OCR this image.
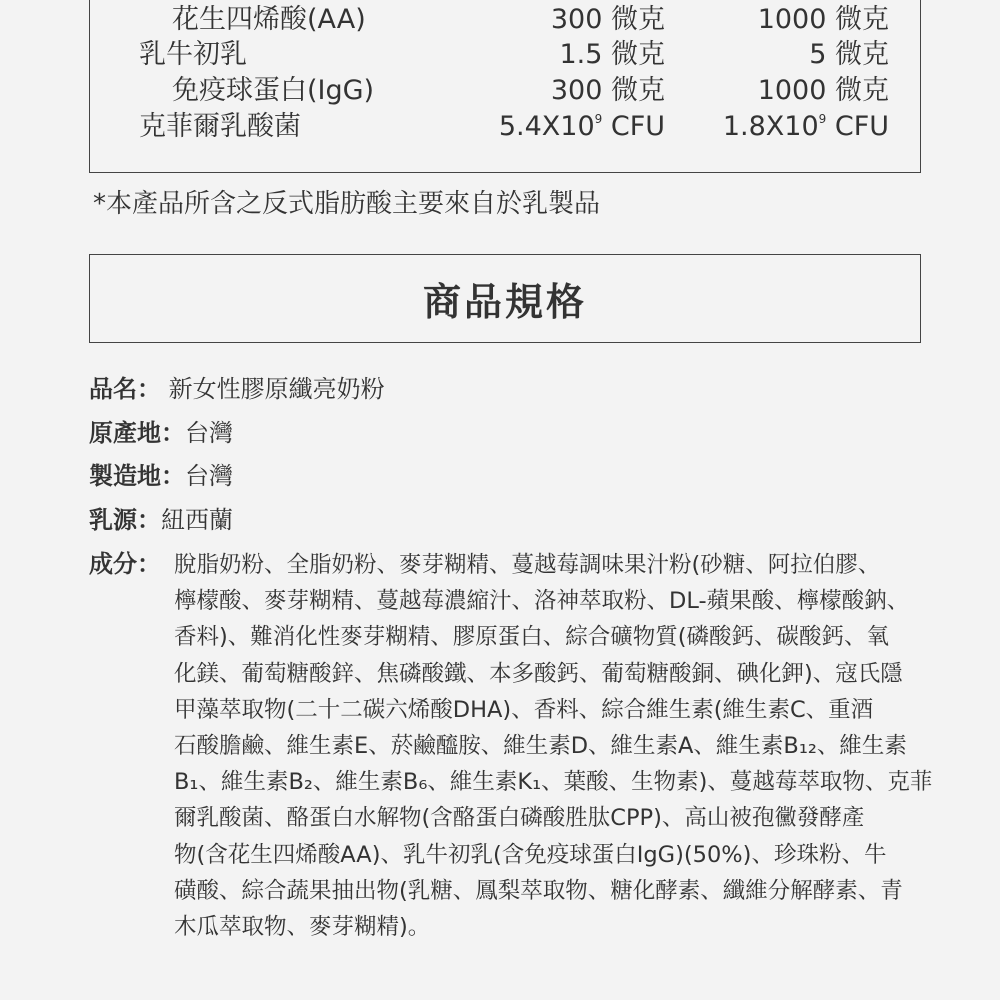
花生四烯酸(AA)	300 微克	1000 微克
乳牛初乳	1.5 微克	5 微克
免疫球蛋白(IgG)	300 微克	1000 微克
克菲爾乳酸菌	$5.4X10^9$ CFU $1.8X10^9$ CFU
*本產品所含之反式脂肪酸主要來自於乳製品
商品規格
品名： 新女性膠原纖亮奶粉
原產地：台灣
製造地：台灣
乳源：紐西蘭
成分： 脫脂奶粉、全脂奶粉、麥芽糊精、蔓越莓調味果汁粉(砂糖、阿拉伯膠、
檸檬酸、麥芽糊精、蔓越莓濃縮汁、洛神萃取粉、DL-蘋果酸、檸檬酸鈉、
香料)、難消化性麥芽糊精、膠原蛋白、綜合礦物質(磷酸鈣、碳酸鈣、氧
化鎂、葡萄糖酸鋅、焦磷酸鐵、本多酸鈣、葡萄糖酸銅、碘化鉀)、寇氏隱
甲藻萃取物(二十二碳六烯酸DHA)、香料、綜合維生素(維生素C、重酒
石酸膽鹼、維生素E、菸鹼醯胺、維生素D、維生素A、維生素B₁₂、維生素
B₁、維生素B₂、維生素B₆、維生素K₁、葉酸、生物素)、蔓越莓萃取物、克菲
爾乳酸菌、酪蛋白水解物(含酪蛋白磷酸胜肽CPP)、高山被孢黴發酵產
物(含花生四烯酸AA)、乳牛初乳(含免疫球蛋白IgG)(50%)、珍珠粉、牛
磺酸、綜合蔬果抽出物(乳糖、鳳梨萃取物、糖化酵素、纖維分解酵素、青
木瓜萃取物、麥芽糊精)。
